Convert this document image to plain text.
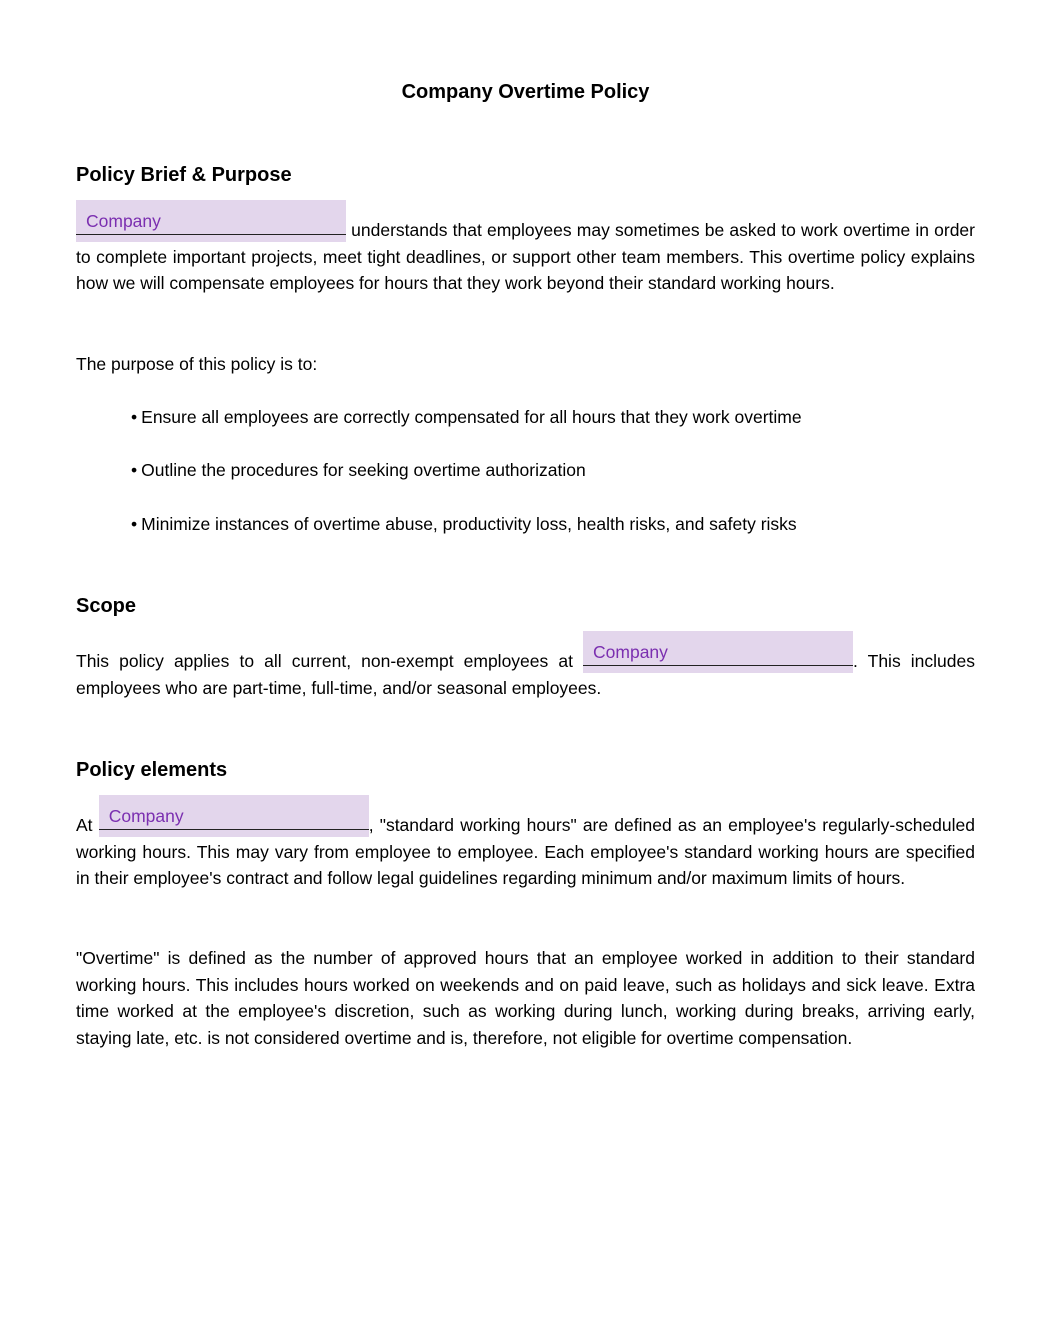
Company Overtime Policy
Policy Brief & Purpose

Company	understands that employees may sometimes be asked to work overtime in order to complete important projects, meet tight deadlines, or support other team members. This overtime policy explains how we will compensate employees for hours that they work beyond their standard working hours.

The purpose of this policy is to:

• Ensure all employees are correctly compensated for all hours that they work overtime
• Outline the procedures for seeking overtime authorization
• Minimize instances of overtime abuse, productivity loss, health risks, and safety risks
Scope

This policy applies to all current, non-exempt employees at Company	. This includes employees who are part-time, full-time, and/or seasonal employees.

Policy elements

At Company	, "standard working hours" are defined as an employee's regularly-scheduled working hours. This may vary from employee to employee. Each employee's standard working hours are specified in their employee's contract and follow legal guidelines regarding minimum and/or maximum limits of hours.

"Overtime" is defined as the number of approved hours that an employee worked in addition to their standard working hours. This includes hours worked on weekends and on paid leave, such as holidays and sick leave. Extra time worked at the employee's discretion, such as working during lunch, working during breaks, arriving early, staying late, etc. is not considered overtime and is, therefore, not eligible for overtime compensation.
